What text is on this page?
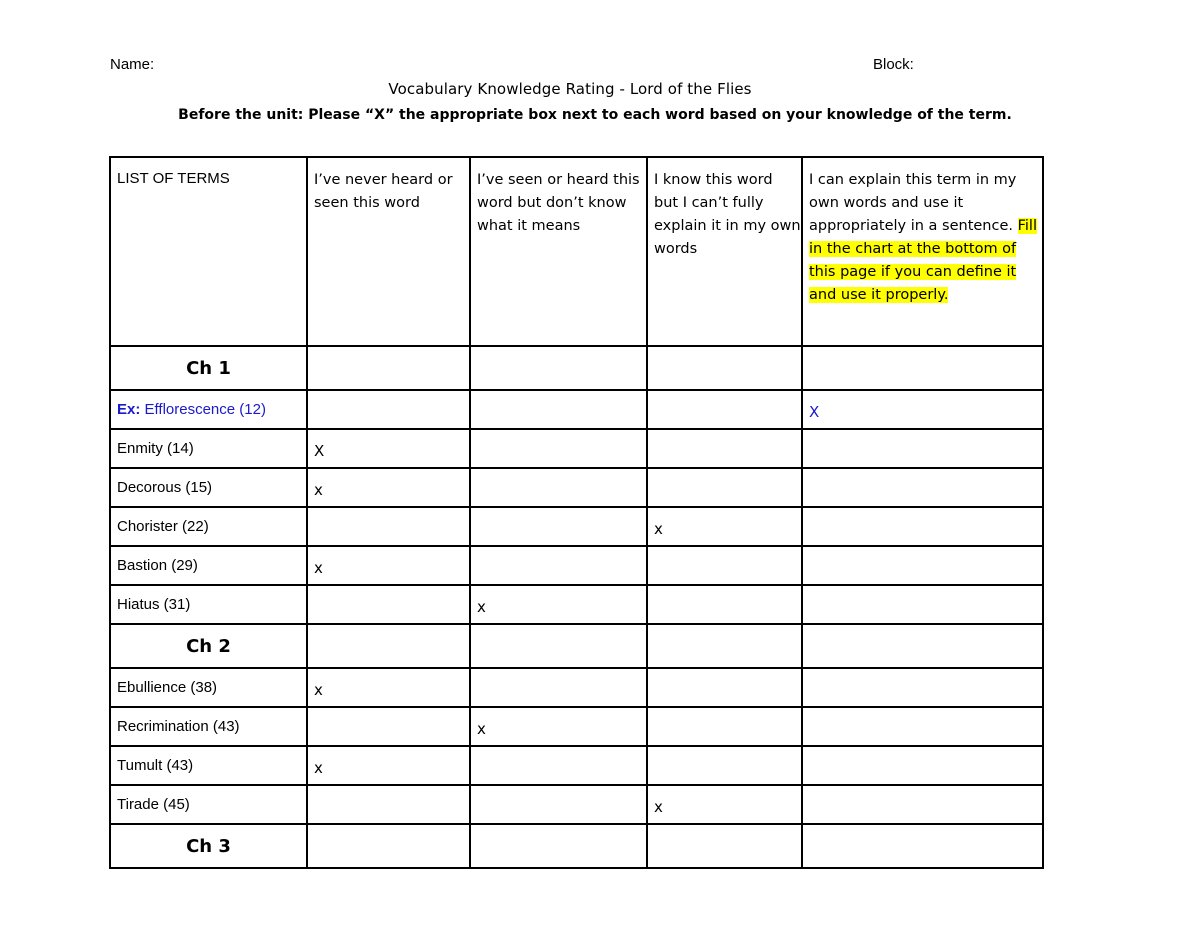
Name:	Block:
Vocabulary Knowledge Rating - Lord of the Flies
Before the unit: Please “X” the appropriate box next to each word based on your knowledge of the term.
LIST OF TERMS	I’ve never heard or seen this word	I’ve seen or heard this word but don’t know what it means	I know this word but I can’t fully explain it in my own words	I can explain this term in my own words and use it appropriately in a sentence. Fill in the chart at the bottom of this page if you can define it and use it properly.
Ch 1				
Ex: Efflorescence (12)				X
Enmity (14)	X			
Decorous (15)	x			
Chorister (22)			x	
Bastion (29)	x			
Hiatus (31)		x		
Ch 2				
Ebullience (38)	x			
Recrimination (43)		x		
Tumult (43)	x			
Tirade (45)			x	
Ch 3				
